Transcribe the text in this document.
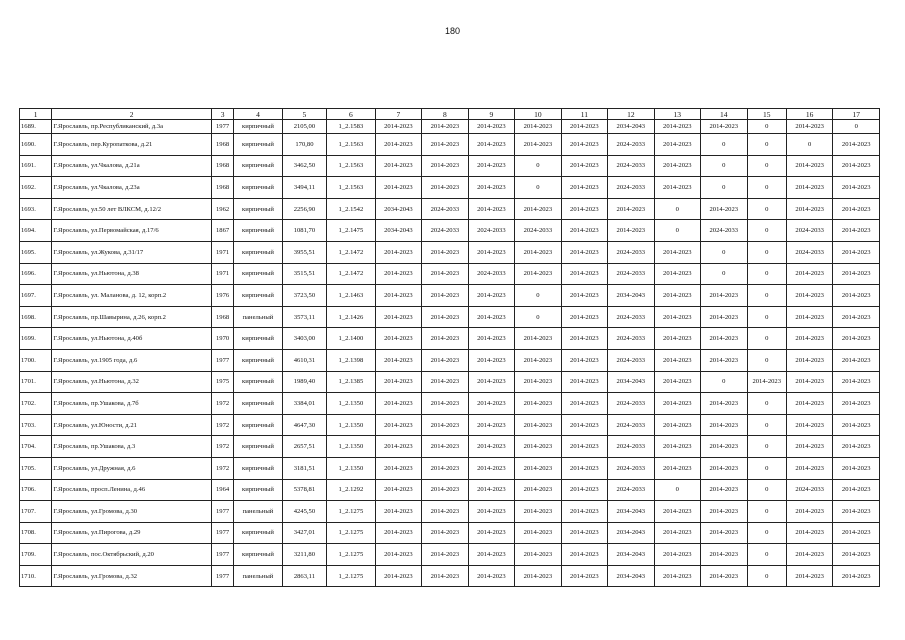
180
1	2	3	4	5	6	7	8	9	10	11	12	13	14	15	16	17
1689.	Г.Ярославль, пр.Республиканский, д.3а	1977	кирпичный	2105,00	1_2.1583	2014-2023	2014-2023	2014-2023	2014-2023	2014-2023	2034-2043	2014-2023	2014-2023	0	2014-2023	0
1690.	Г.Ярославль, пер.Куропаткова, д.21	1968	кирпичный	170,80	1_2.1563	2014-2023	2014-2023	2014-2023	2014-2023	2014-2023	2024-2033	2014-2023	0	0	0	2014-2023
1691.	Г.Ярославль, ул.Чкалова, д.21а	1968	кирпичный	3462,50	1_2.1563	2014-2023	2014-2023	2014-2023	0	2014-2023	2024-2033	2014-2023	0	0	2014-2023	2014-2023
1692.	Г.Ярославль, ул.Чкалова, д.23а	1968	кирпичный	3494,11	1_2.1563	2014-2023	2014-2023	2014-2023	0	2014-2023	2024-2033	2014-2023	0	0	2014-2023	2014-2023
1693.	Г.Ярославль, ул.50 лет ВЛКСМ, д.12/2	1962	кирпичный	2256,90	1_2.1542	2034-2043	2024-2033	2014-2023	2014-2023	2014-2023	2014-2023	0	2014-2023	0	2014-2023	2014-2023
1694.	Г.Ярославль, ул.Первомайская, д.17/6	1867	кирпичный	1081,70	1_2.1475	2034-2043	2024-2033	2024-2033	2024-2033	2014-2023	2014-2023	0	2024-2033	0	2024-2033	2014-2023
1695.	Г.Ярославль, ул.Жукова, д.31/17	1971	кирпичный	3955,51	1_2.1472	2014-2023	2014-2023	2014-2023	2014-2023	2014-2023	2024-2033	2014-2023	0	0	2024-2033	2014-2023
1696.	Г.Ярославль, ул.Ньютона, д.38	1971	кирпичный	3515,51	1_2.1472	2014-2023	2014-2023	2024-2033	2014-2023	2014-2023	2024-2033	2014-2023	0	0	2014-2023	2014-2023
1697.	Г.Ярославль, ул. Маланова, д. 12, корп.2	1976	кирпичный	3723,50	1_2.1463	2014-2023	2014-2023	2014-2023	0	2014-2023	2034-2043	2014-2023	2014-2023	0	2014-2023	2014-2023
1698.	Г.Ярославль, пр.Шавырина, д.26, корп.2	1968	панельный	3573,11	1_2.1426	2014-2023	2014-2023	2014-2023	0	2014-2023	2024-2033	2014-2023	2014-2023	0	2014-2023	2014-2023
1699.	Г.Ярославль, ул.Ньютона, д.40б	1970	кирпичный	3403,00	1_2.1400	2014-2023	2014-2023	2014-2023	2014-2023	2014-2023	2024-2033	2014-2023	2014-2023	0	2014-2023	2014-2023
1700.	Г.Ярославль, ул.1905 года, д.6	1977	кирпичный	4610,31	1_2.1398	2014-2023	2014-2023	2014-2023	2014-2023	2014-2023	2024-2033	2014-2023	2014-2023	0	2014-2023	2014-2023
1701.	Г.Ярославль, ул.Ньютона, д.32	1975	кирпичный	1989,40	1_2.1385	2014-2023	2014-2023	2014-2023	2014-2023	2014-2023	2034-2043	2014-2023	0	2014-2023	2014-2023	2014-2023
1702.	Г.Ярославль, пр.Ушакова, д.7б	1972	кирпичный	3384,01	1_2.1350	2014-2023	2014-2023	2014-2023	2014-2023	2014-2023	2024-2033	2014-2023	2014-2023	0	2014-2023	2014-2023
1703.	Г.Ярославль, ул.Юности, д.21	1972	кирпичный	4647,30	1_2.1350	2014-2023	2014-2023	2014-2023	2014-2023	2014-2023	2024-2033	2014-2023	2014-2023	0	2014-2023	2014-2023
1704.	Г.Ярославль, пр.Ушакова, д.3	1972	кирпичный	2657,51	1_2.1350	2014-2023	2014-2023	2014-2023	2014-2023	2014-2023	2024-2033	2014-2023	2014-2023	0	2014-2023	2014-2023
1705.	Г.Ярославль, ул.Дружная, д.6	1972	кирпичный	3181,51	1_2.1350	2014-2023	2014-2023	2014-2023	2014-2023	2014-2023	2024-2033	2014-2023	2014-2023	0	2014-2023	2014-2023
1706.	Г.Ярославль, просп.Ленина, д.46	1964	кирпичный	5378,81	1_2.1292	2014-2023	2014-2023	2014-2023	2014-2023	2014-2023	2024-2033	0	2014-2023	0	2024-2033	2014-2023
1707.	Г.Ярославль, ул.Громова, д.30	1977	панельный	4245,50	1_2.1275	2014-2023	2014-2023	2014-2023	2014-2023	2014-2023	2034-2043	2014-2023	2014-2023	0	2014-2023	2014-2023
1708.	Г.Ярославль, ул.Пирогова, д.29	1977	кирпичный	3427,01	1_2.1275	2014-2023	2014-2023	2014-2023	2014-2023	2014-2023	2034-2043	2014-2023	2014-2023	0	2014-2023	2014-2023
1709.	Г.Ярославль, пос.Октябрьский, д.20	1977	кирпичный	3211,80	1_2.1275	2014-2023	2014-2023	2014-2023	2014-2023	2014-2023	2034-2043	2014-2023	2014-2023	0	2014-2023	2014-2023
1710.	Г.Ярославль, ул.Громова, д.32	1977	панельный	2863,11	1_2.1275	2014-2023	2014-2023	2014-2023	2014-2023	2014-2023	2034-2043	2014-2023	2014-2023	0	2014-2023	2014-2023
